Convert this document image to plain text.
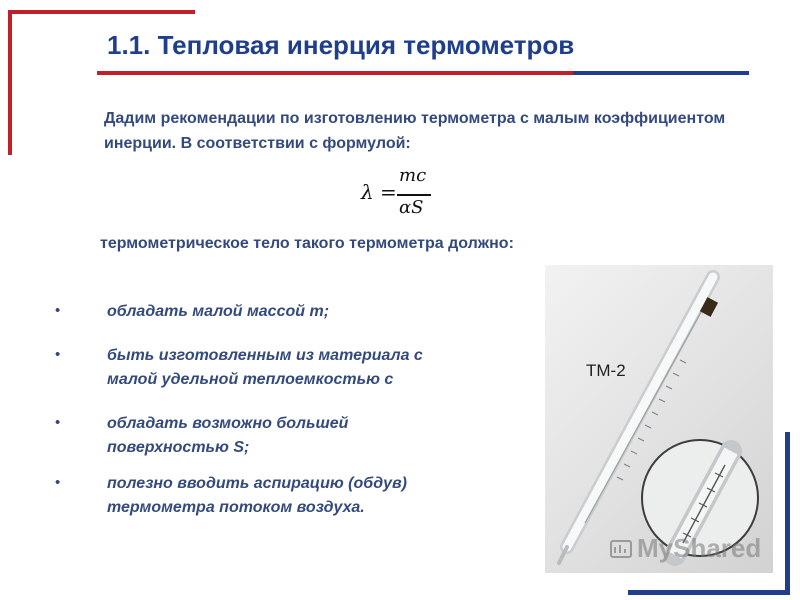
1.1. Тепловая инерция термометров

Дадим рекомендации по изготовлению термометра с малым коэффициентом инерции. В соответствии с формулой:

λ =
mc
αS

термометрическое тело такого термометра должно:

•	обладать малой массой m;
•	быть изготовленным из материала с
малой удельной теплоемкостью c
•	обладать возможно большей
поверхностью S;
•	полезно вводить аспирацию (обдув)
термометра потоком воздуха.
ТМ-2
MyShared
